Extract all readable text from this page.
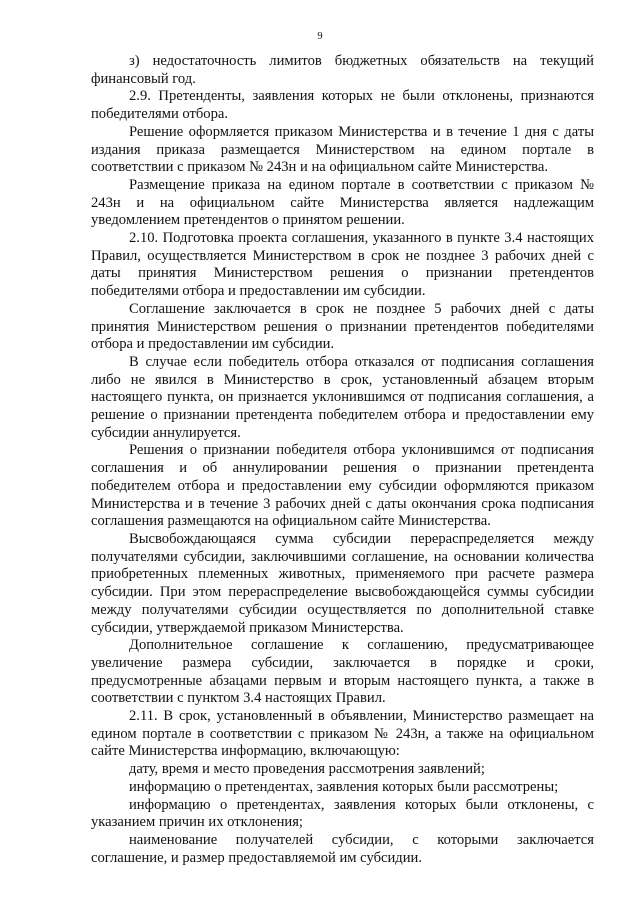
9

з) недостаточность лимитов бюджетных обязательств на текущий финансовый год.

2.9. Претенденты, заявления которых не были отклонены, признаются победителями отбора.

Решение оформляется приказом Министерства и в течение 1 дня с даты издания приказа размещается Министерством на едином портале в соответствии с приказом № 243н и на официальном сайте Министерства.

Размещение приказа на едином портале в соответствии с приказом № 243н и на официальном сайте Министерства является надлежащим уведомлением претендентов о принятом решении.

2.10. Подготовка проекта соглашения, указанного в пункте 3.4 настоящих Правил, осуществляется Министерством в срок не позднее 3 рабочих дней с даты принятия Министерством решения о признании претендентов победителями отбора и предоставлении им субсидии.

Соглашение заключается в срок не позднее 5 рабочих дней с даты принятия Министерством решения о признании претендентов победителями отбора и предоставлении им субсидии.

В случае если победитель отбора отказался от подписания соглашения либо не явился в Министерство в срок, установленный абзацем вторым настоящего пункта, он признается уклонившимся от подписания соглашения, а решение о признании претендента победителем отбора и предоставлении ему субсидии аннулируется.

Решения о признании победителя отбора уклонившимся от подписания соглашения и об аннулировании решения о признании претендента победителем отбора и предоставлении ему субсидии оформляются приказом Министерства и в течение 3 рабочих дней с даты окончания срока подписания соглашения размещаются на официальном сайте Министерства.

Высвобождающаяся сумма субсидии перераспределяется между получателями субсидии, заключившими соглашение, на основании количества приобретенных племенных животных, применяемого при расчете размера субсидии. При этом перераспределение высвобождающейся суммы субсидии между получателями субсидии осуществляется по дополнительной ставке субсидии, утверждаемой приказом Министерства.

Дополнительное соглашение к соглашению, предусматривающее увеличение размера субсидии, заключается в порядке и сроки, предусмотренные абзацами первым и вторым настоящего пункта, а также в соответствии с пунктом 3.4 настоящих Правил.

2.11. В срок, установленный в объявлении, Министерство размещает на едином портале в соответствии с приказом № 243н, а также на официальном сайте Министерства информацию, включающую:

дату, время и место проведения рассмотрения заявлений;

информацию о претендентах, заявления которых были рассмотрены;

информацию о претендентах, заявления которых были отклонены, с указанием причин их отклонения;

наименование получателей субсидии, с которыми заключается соглашение, и размер предоставляемой им субсидии.
